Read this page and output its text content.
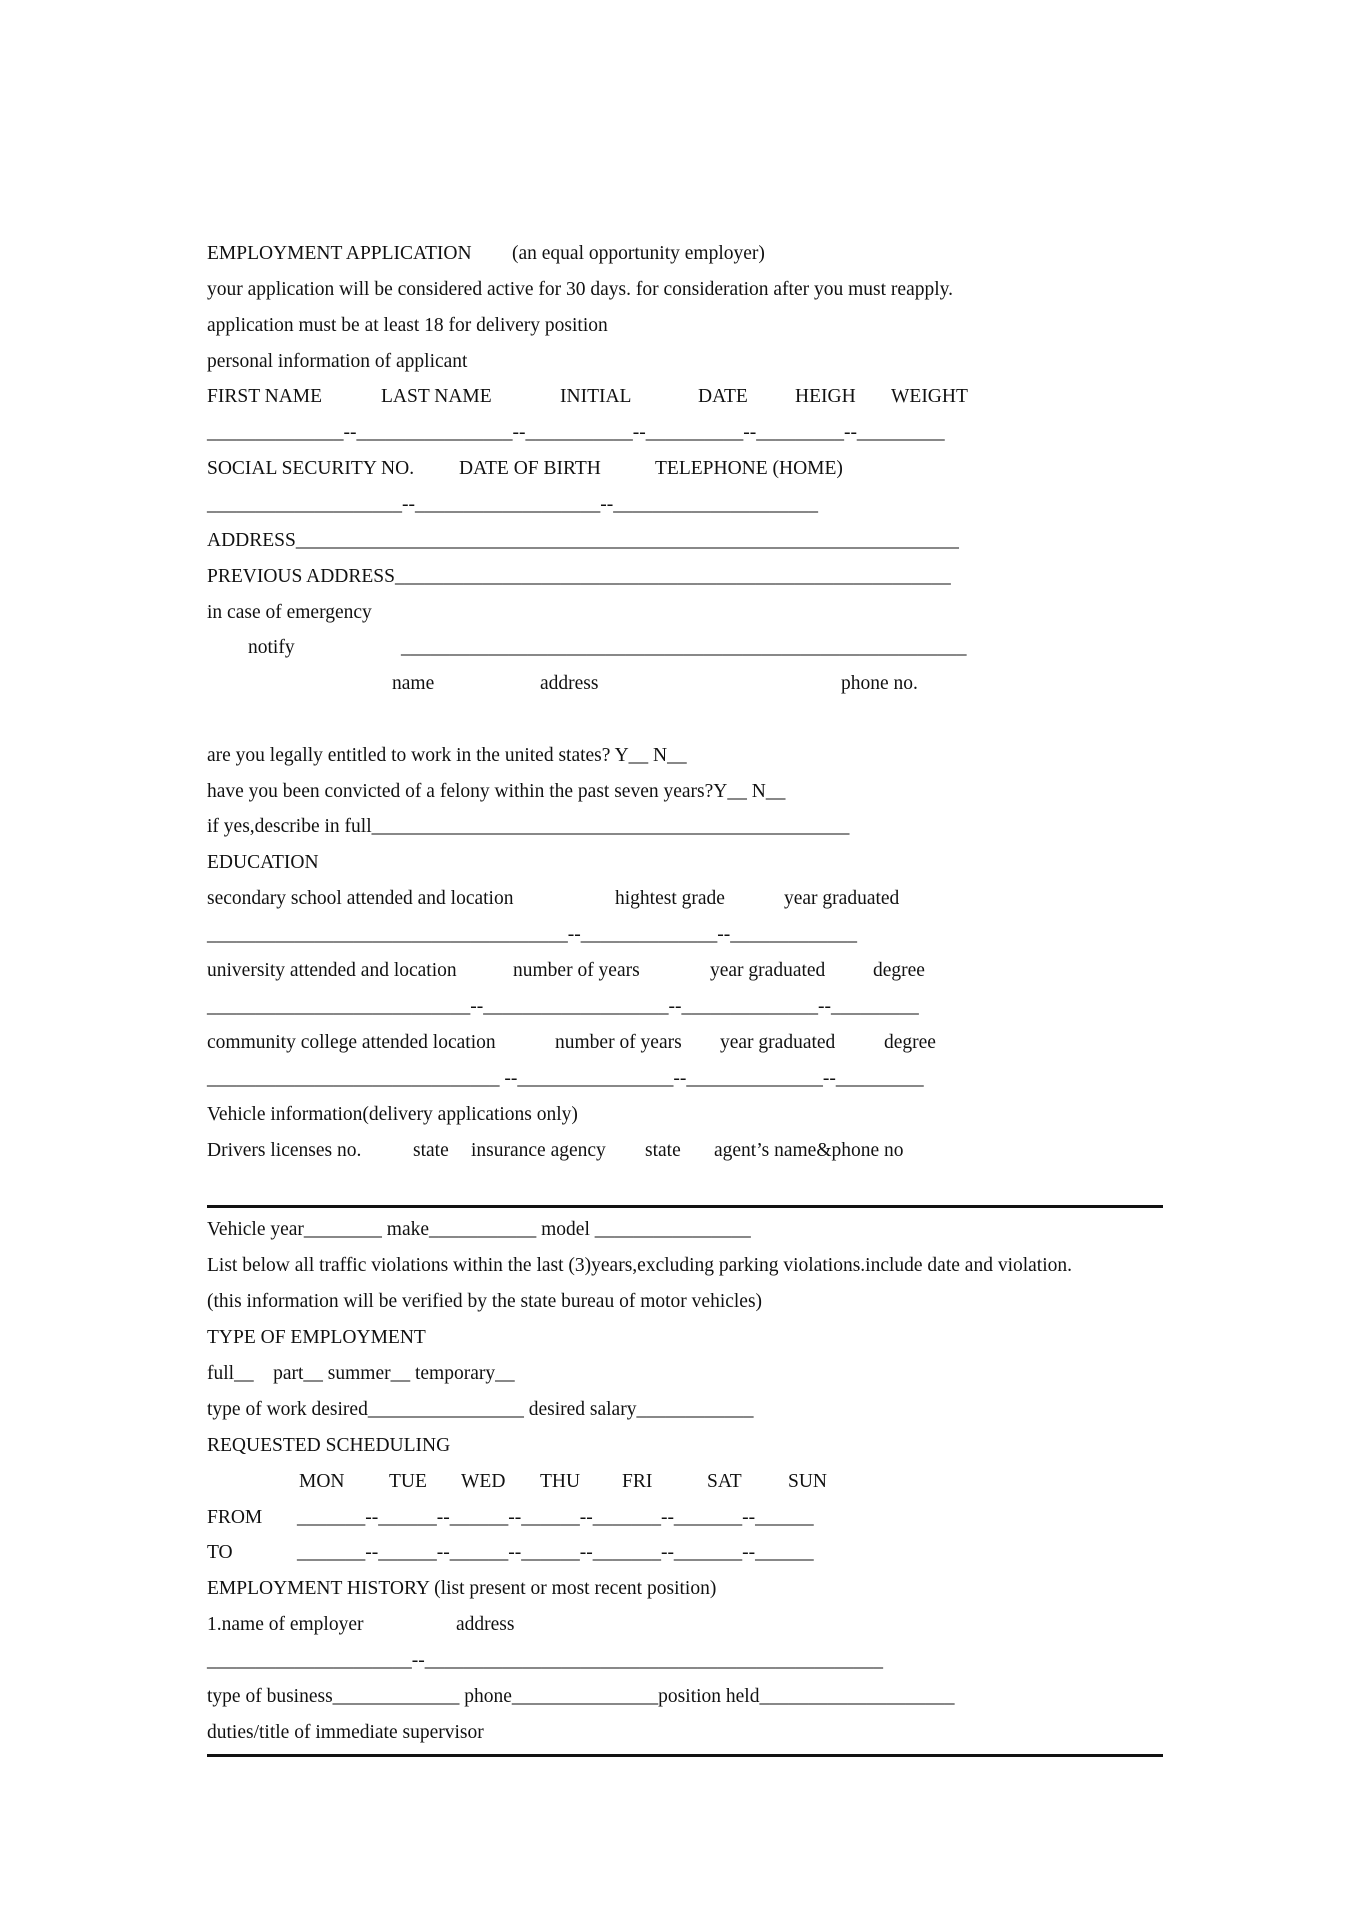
EMPLOYMENT APPLICATION (an equal opportunity employer)
your application will be considered active for 30 days. for consideration after you must reapply.
application must be at least 18 for delivery position
personal information of applicant
FIRST NAME	LAST NAME	INITIAL	DATE HEIGH WEIGHT
______________--________________--___________--__________--_________--_________
SOCIAL SECURITY NO. DATE OF BIRTH	TELEPHONE (HOME)
____________________--___________________--_____________________
ADDRESS____________________________________________________________________
PREVIOUS ADDRESS_________________________________________________________
in case of emergency
notify	__________________________________________________________
name	address	phone no.
are you legally entitled to work in the united states? Y__ N__
have you been convicted of a felony within the past seven years?Y__ N__
if yes,describe in full_________________________________________________
EDUCATION
secondary school attended and location	hightest grade	year graduated
_____________________________________--______________--_____________
university attended and location	number of years	year graduated degree
___________________________--___________________--______________--_________
community college attended location	number of years year graduated degree
______________________________ --________________--______________--_________
Vehicle information(delivery applications only)
Drivers licenses no.	state insurance agency state agent’s name&phone no
Vehicle year________ make___________ model ________________
List below all traffic violations within the last (3)years,excluding parking violations.include date and violation.
(this information will be verified by the state bureau of motor vehicles)
TYPE OF EMPLOYMENT
full__    part__ summer__ temporary__
type of work desired________________ desired salary____________
REQUESTED SCHEDULING
MON TUE WED THU FRI	SAT SUN
FROM _______--______--______--______--_______--_______--______
TO	_______--______--______--______--_______--_______--______
EMPLOYMENT HISTORY (list present or most recent position)
1.name of employer	address
_____________________--_______________________________________________
type of business_____________ phone_______________position held____________________
duties/title of immediate supervisor
